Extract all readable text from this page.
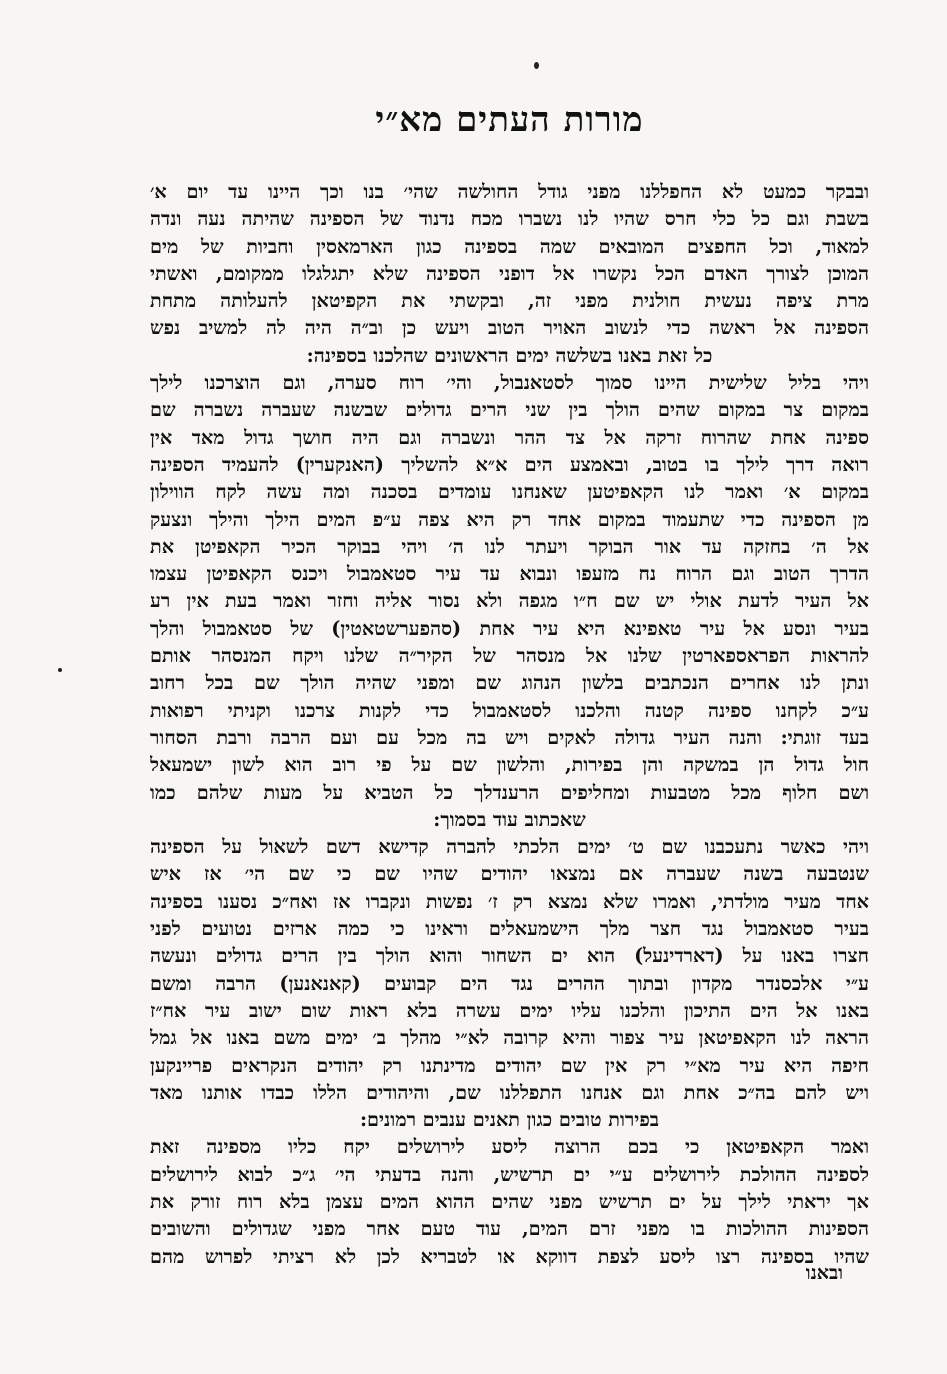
מורות העתים מא״י
ובבקר כמעט לא החפללנו מפני גודל החולשה שהי׳ בנו וכך היינו עד יום א׳
בשבת וגם כל כלי חרס שהיו לנו נשברו מכח נדנוד של הספינה שהיתה נעה ונדה
למאוד, וכל החפצים המובאים שמה בספינה כגון הארמאסין וחביות של מים
המוכן לצורך האדם הכל נקשרו אל דופני הספינה שלא יתגלגלו ממקומם, ואשתי
מרת ציפה נעשית חולנית מפני זה, ובקשתי את הקפיטאן להעלותה מתחת
הספינה אל ראשה כדי לנשוב האויר הטוב ויעש כן וב״ה היה לה למשיב נפש
כל זאת באנו בשלשה ימים הראשונים שהלכנו בספינה:
ויהי בליל שלישית היינו סמוך לסטאנבול, והי׳ רוח סערה, וגם הוצרכנו לילך
במקום צר במקום שהים הולך בין שני הרים גדולים שבשנה שעברה נשברה שם
ספינה אחת שהרוח זרקה אל צד ההר ונשברה וגם היה חושך גדול מאד אין
רואה דרך לילך בו בטוב, ובאמצע הים א״א להשליך (האנקערין) להעמיד הספינה
במקום א׳ ואמר לנו הקאפיטען שאנחנו עומדים בסכנה ומה עשה לקח הווילון
מן הספינה כדי שתעמוד במקום אחד רק היא צפה ע״פ המים הילך והילך ונצעק
אל ה׳ בחזקה עד אור הבוקר ויעתר לנו ה׳ ויהי בבוקר הכיר הקאפיטן את
הדרך הטוב וגם הרוח נח מזעפו ונבוא עד עיר סטאמבול ויכנס הקאפיטן עצמו
אל העיר לדעת אולי יש שם ח״ו מגפה ולא נסור אליה וחזר ואמר בעת אין רע
בעיר ונסע אל עיר טאפינא היא עיר אחת (סהפערשטאטין) של סטאמבול והלך
להראות הפראספארטין שלנו אל מנסהר של הקיר״ה שלנו ויקח המנסהר אותם
ונתן לנו אחרים הנכתבים בלשון הנהוג שם ומפני שהיה הולך שם בכל רחוב
ע״כ לקחנו ספינה קטנה והלכנו לסטאמבול כדי לקנות צרכנו וקניתי רפואות
בעד זוגתי: והנה העיר גדולה לאקים ויש בה מכל עם ועם הרבה ורבת הסחור
חול גדול הן במשקה והן בפירות, והלשון שם על פי רוב הוא לשון ישמעאל
ושם חלוף מכל מטבעות ומחליפים הרענדלך כל הטביא על מעות שלהם כמו
שאכתוב עוד בסמוך:
ויהי כאשר נתעכבנו שם ט׳ ימים הלכתי להברה קדישא דשם לשאול על הספינה
שנטבעה בשנה שעברה אם נמצאו יהודים שהיו שם כי שם הי׳ אז איש
אחד מעיר מולדתי, ואמרו שלא נמצא רק ז׳ נפשות ונקברו אז ואח״כ נסענו בספינה
בעיר סטאמבול נגד חצר מלך הישמעאלים וראינו כי כמה ארזים נטועים לפני
חצרו באנו על (דארדינעל) הוא ים השחור והוא הולך בין הרים גדולים ונעשה
ע״י אלכסנדר מקדון ובתוך ההרים נגד הים קבועים (קאנאנען) הרבה ומשם
באנו אל הים התיכון והלכנו עליו ימים עשרה בלא ראות שום ישוב עיר אח״ז
הראה לנו הקאפיטאן עיר צפור והיא קרובה לא״י מהלך ב׳ ימים משם באנו אל גמל
חיפה היא עיר מא״י רק אין שם יהודים מדינתנו רק יהודים הנקראים פריינקען
ויש להם בה״כ אחת וגם אנחנו התפללנו שם, והיהודים הללו כבדו אותנו מאד
בפירות טובים כגון תאנים ענבים רמונים:
ואמר הקאפיטאן כי בכם הרוצה ליסע לירושלים יקח כליו מספינה זאת
לספינה ההולכת לירושלים ע״י ים תרשיש, והנה בדעתי הי׳ ג״כ לבוא לירושלים
אך יראתי לילך על ים תרשיש מפני שהים ההוא המים עצמן בלא רוח זורק את
הספינות ההולכות בו מפני זרם המים, עוד טעם אחר מפני שגדולים והשובים
שהיו בספינה רצו ליסע לצפת דווקא או לטבריא לכן לא רציתי לפרוש מהם
ובאנו
